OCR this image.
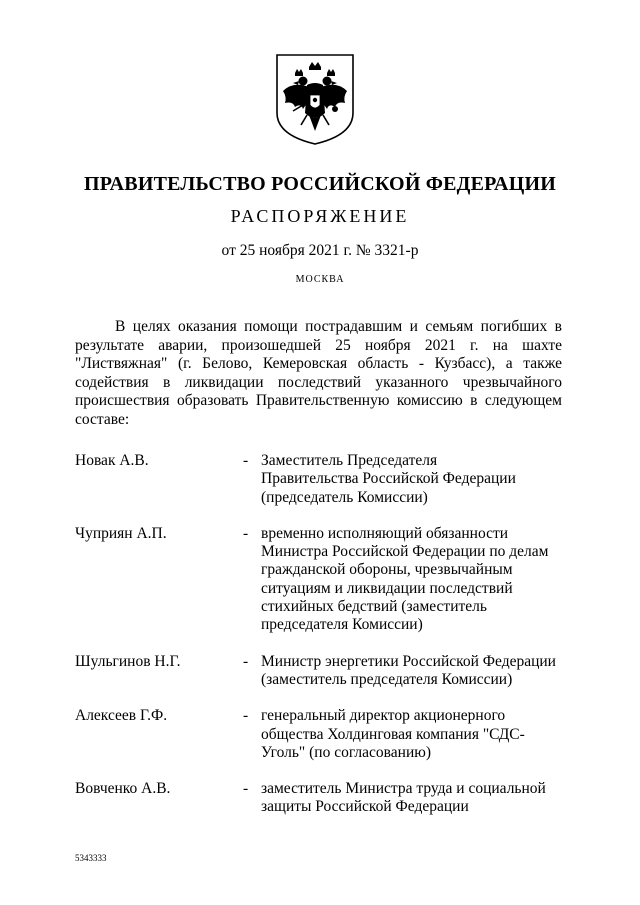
ПРАВИТЕЛЬСТВО РОССИЙСКОЙ ФЕДЕРАЦИИ
РАСПОРЯЖЕНИЕ
от 25 ноября 2021 г. № 3321-р
МОСКВА

В целях оказания помощи пострадавшим и семьям погибших в результате аварии, произошедшей 25 ноября 2021 г. на шахте "Листвяжная" (г. Белово, Кемеровская область - Кузбасс), а также содействия в ликвидации последствий указанного чрезвычайного происшествия образовать Правительственную комиссию в следующем составе:

Новак А.В.	- Заместитель Председателя
Правительства Российской Федерации
(председатель Комиссии)
Чуприян А.П.	- временно исполняющий обязанности
Министра Российской Федерации по делам
гражданской обороны, чрезвычайным
ситуациям и ликвидации последствий
стихийных бедствий (заместитель
председателя Комиссии)
Шульгинов Н.Г.	- Министр энергетики Российской Федерации
(заместитель председателя Комиссии)
Алексеев Г.Ф.	- генеральный директор акционерного
общества Холдинговая компания "СДС-
Уголь" (по согласованию)
Вовченко А.В.	- заместитель Министра труда и социальной
защиты Российской Федерации
5343333
